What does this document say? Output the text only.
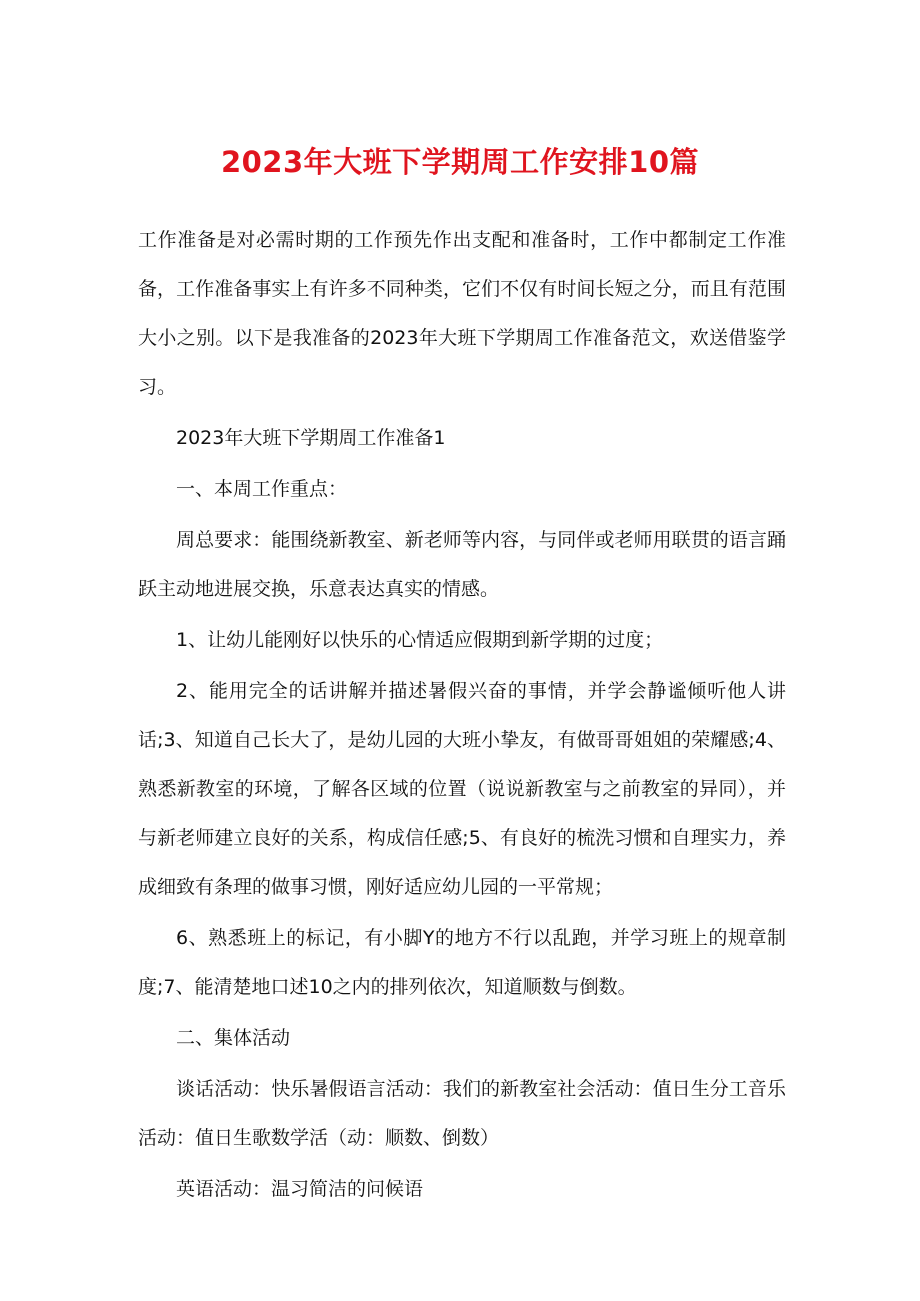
2023年大班下学期周工作安排10篇

工作准备是对必需时期的工作预先作出支配和准备时，工作中都制定工作准备，工作准备事实上有许多不同种类，它们不仅有时间长短之分，而且有范围大小之别。以下是我准备的2023年大班下学期周工作准备范文，欢送借鉴学习。

2023年大班下学期周工作准备1

一、本周工作重点：

周总要求：能围绕新教室、新老师等内容，与同伴或老师用联贯的语言踊跃主动地进展交换，乐意表达真实的情感。

1、让幼儿能刚好以快乐的心情适应假期到新学期的过度；

2、能用完全的话讲解并描述暑假兴奋的事情，并学会静谧倾听他人讲话;3、知道自己长大了，是幼儿园的大班小挚友，有做哥哥姐姐的荣耀感;4、熟悉新教室的环境，了解各区域的位置（说说新教室与之前教室的异同），并与新老师建立良好的关系，构成信任感;5、有良好的梳洗习惯和自理实力，养成细致有条理的做事习惯，刚好适应幼儿园的一平常规；

6、熟悉班上的标记，有小脚Y的地方不行以乱跑，并学习班上的规章制度;7、能清楚地口述10之内的排列依次，知道顺数与倒数。

二、集体活动

谈话活动：快乐暑假语言活动：我们的新教室社会活动：值日生分工音乐活动：值日生歌数学活（动：顺数、倒数）

英语活动：温习简洁的问候语
